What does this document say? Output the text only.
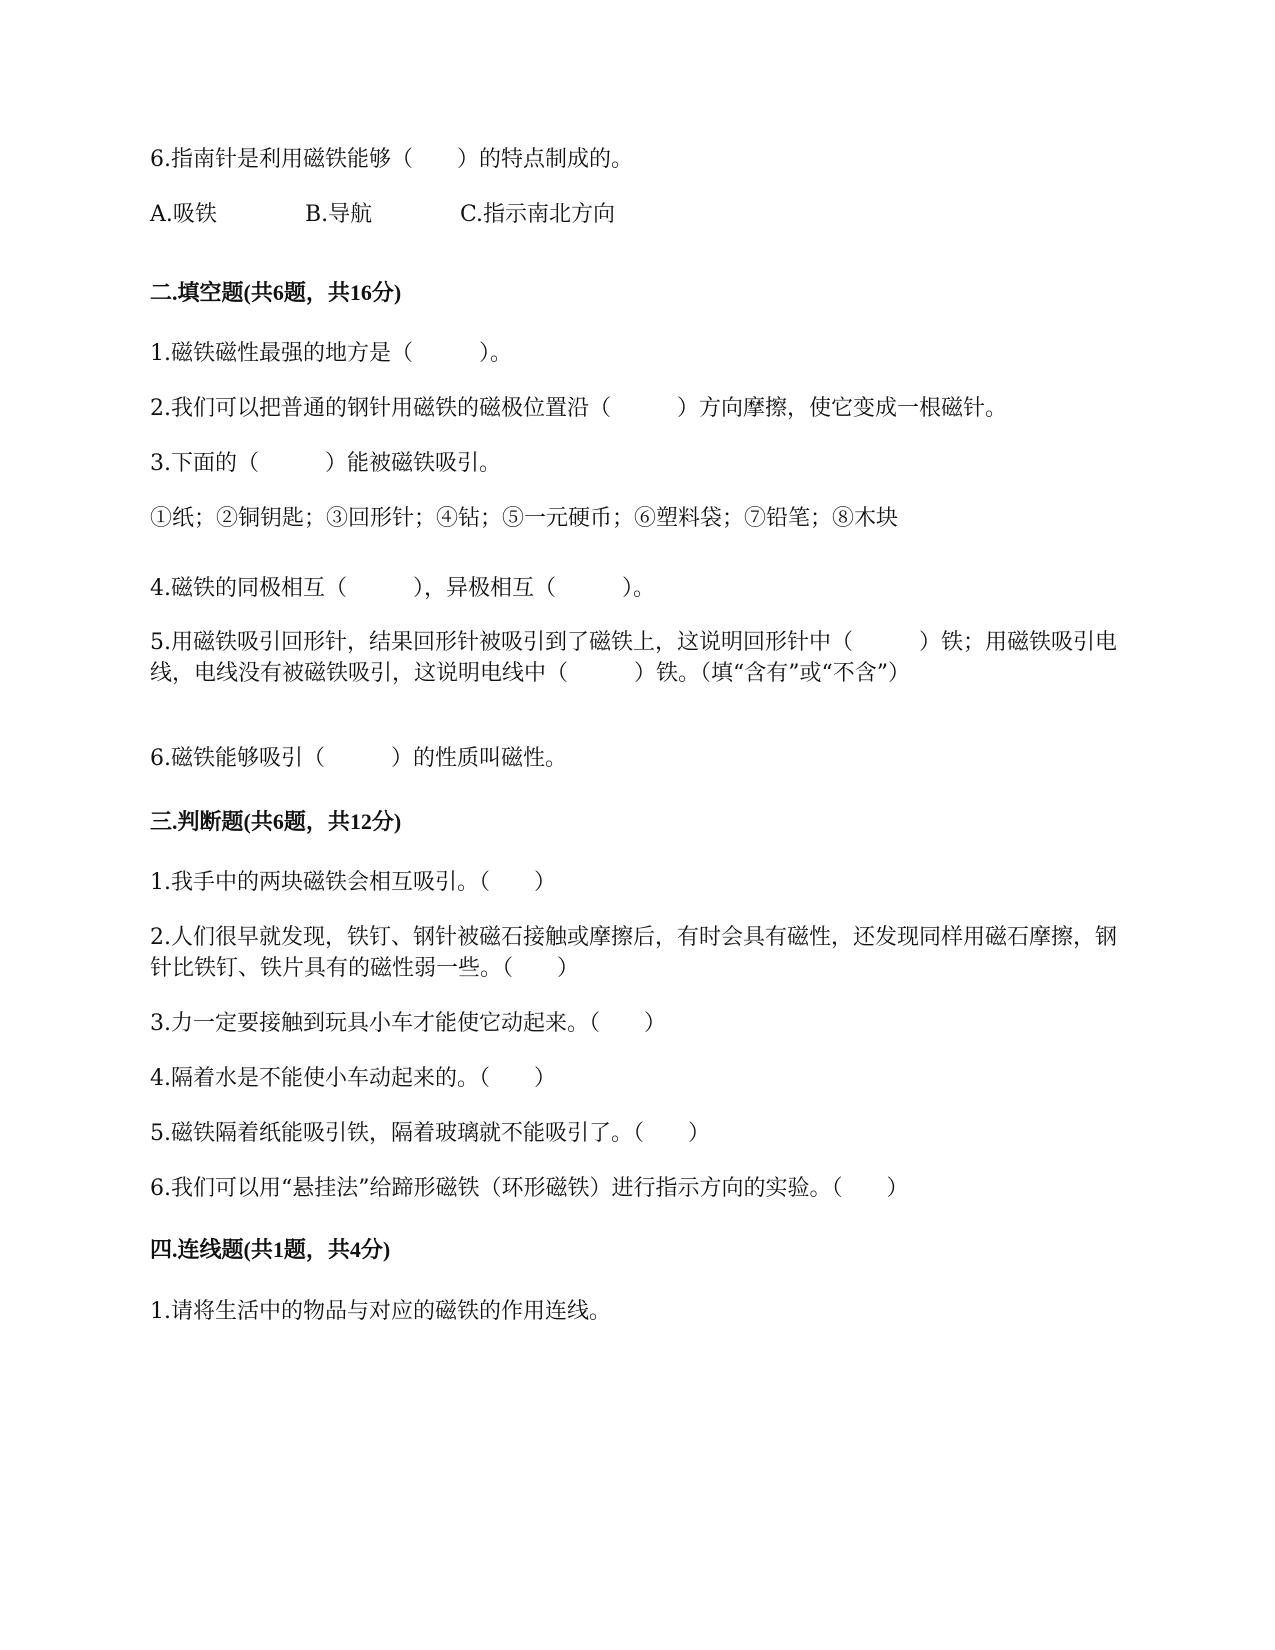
6.指南针是利用磁铁能够（　　）的特点制成的。
A.吸铁	B.导航	C.指示南北方向
二.填空题(共6题，共16分)
1.磁铁磁性最强的地方是（　　　）。
2.我们可以把普通的钢针用磁铁的磁极位置沿（　　　）方向摩擦，使它变成一根磁针。
3.下面的（　　　）能被磁铁吸引。
①纸；②铜钥匙；③回形针；④钻；⑤一元硬币；⑥塑料袋；⑦铅笔；⑧木块
4.磁铁的同极相互（　　　），异极相互（　　　）。
5.用磁铁吸引回形针，结果回形针被吸引到了磁铁上，这说明回形针中（　　　）铁；用磁铁吸引电线，电线没有被磁铁吸引，这说明电线中（　　　）铁。（填“含有”或“不含”）
6.磁铁能够吸引（　　　）的性质叫磁性。
三.判断题(共6题，共12分)
1.我手中的两块磁铁会相互吸引。（　　）
2.人们很早就发现，铁钉、钢针被磁石接触或摩擦后，有时会具有磁性，还发现同样用磁石摩擦，钢针比铁钉、铁片具有的磁性弱一些。（　　）
3.力一定要接触到玩具小车才能使它动起来。（　　）
4.隔着水是不能使小车动起来的。（　　）
5.磁铁隔着纸能吸引铁，隔着玻璃就不能吸引了。（　　）
6.我们可以用“悬挂法”给蹄形磁铁（环形磁铁）进行指示方向的实验。（　　）
四.连线题(共1题，共4分)
1.请将生活中的物品与对应的磁铁的作用连线。
